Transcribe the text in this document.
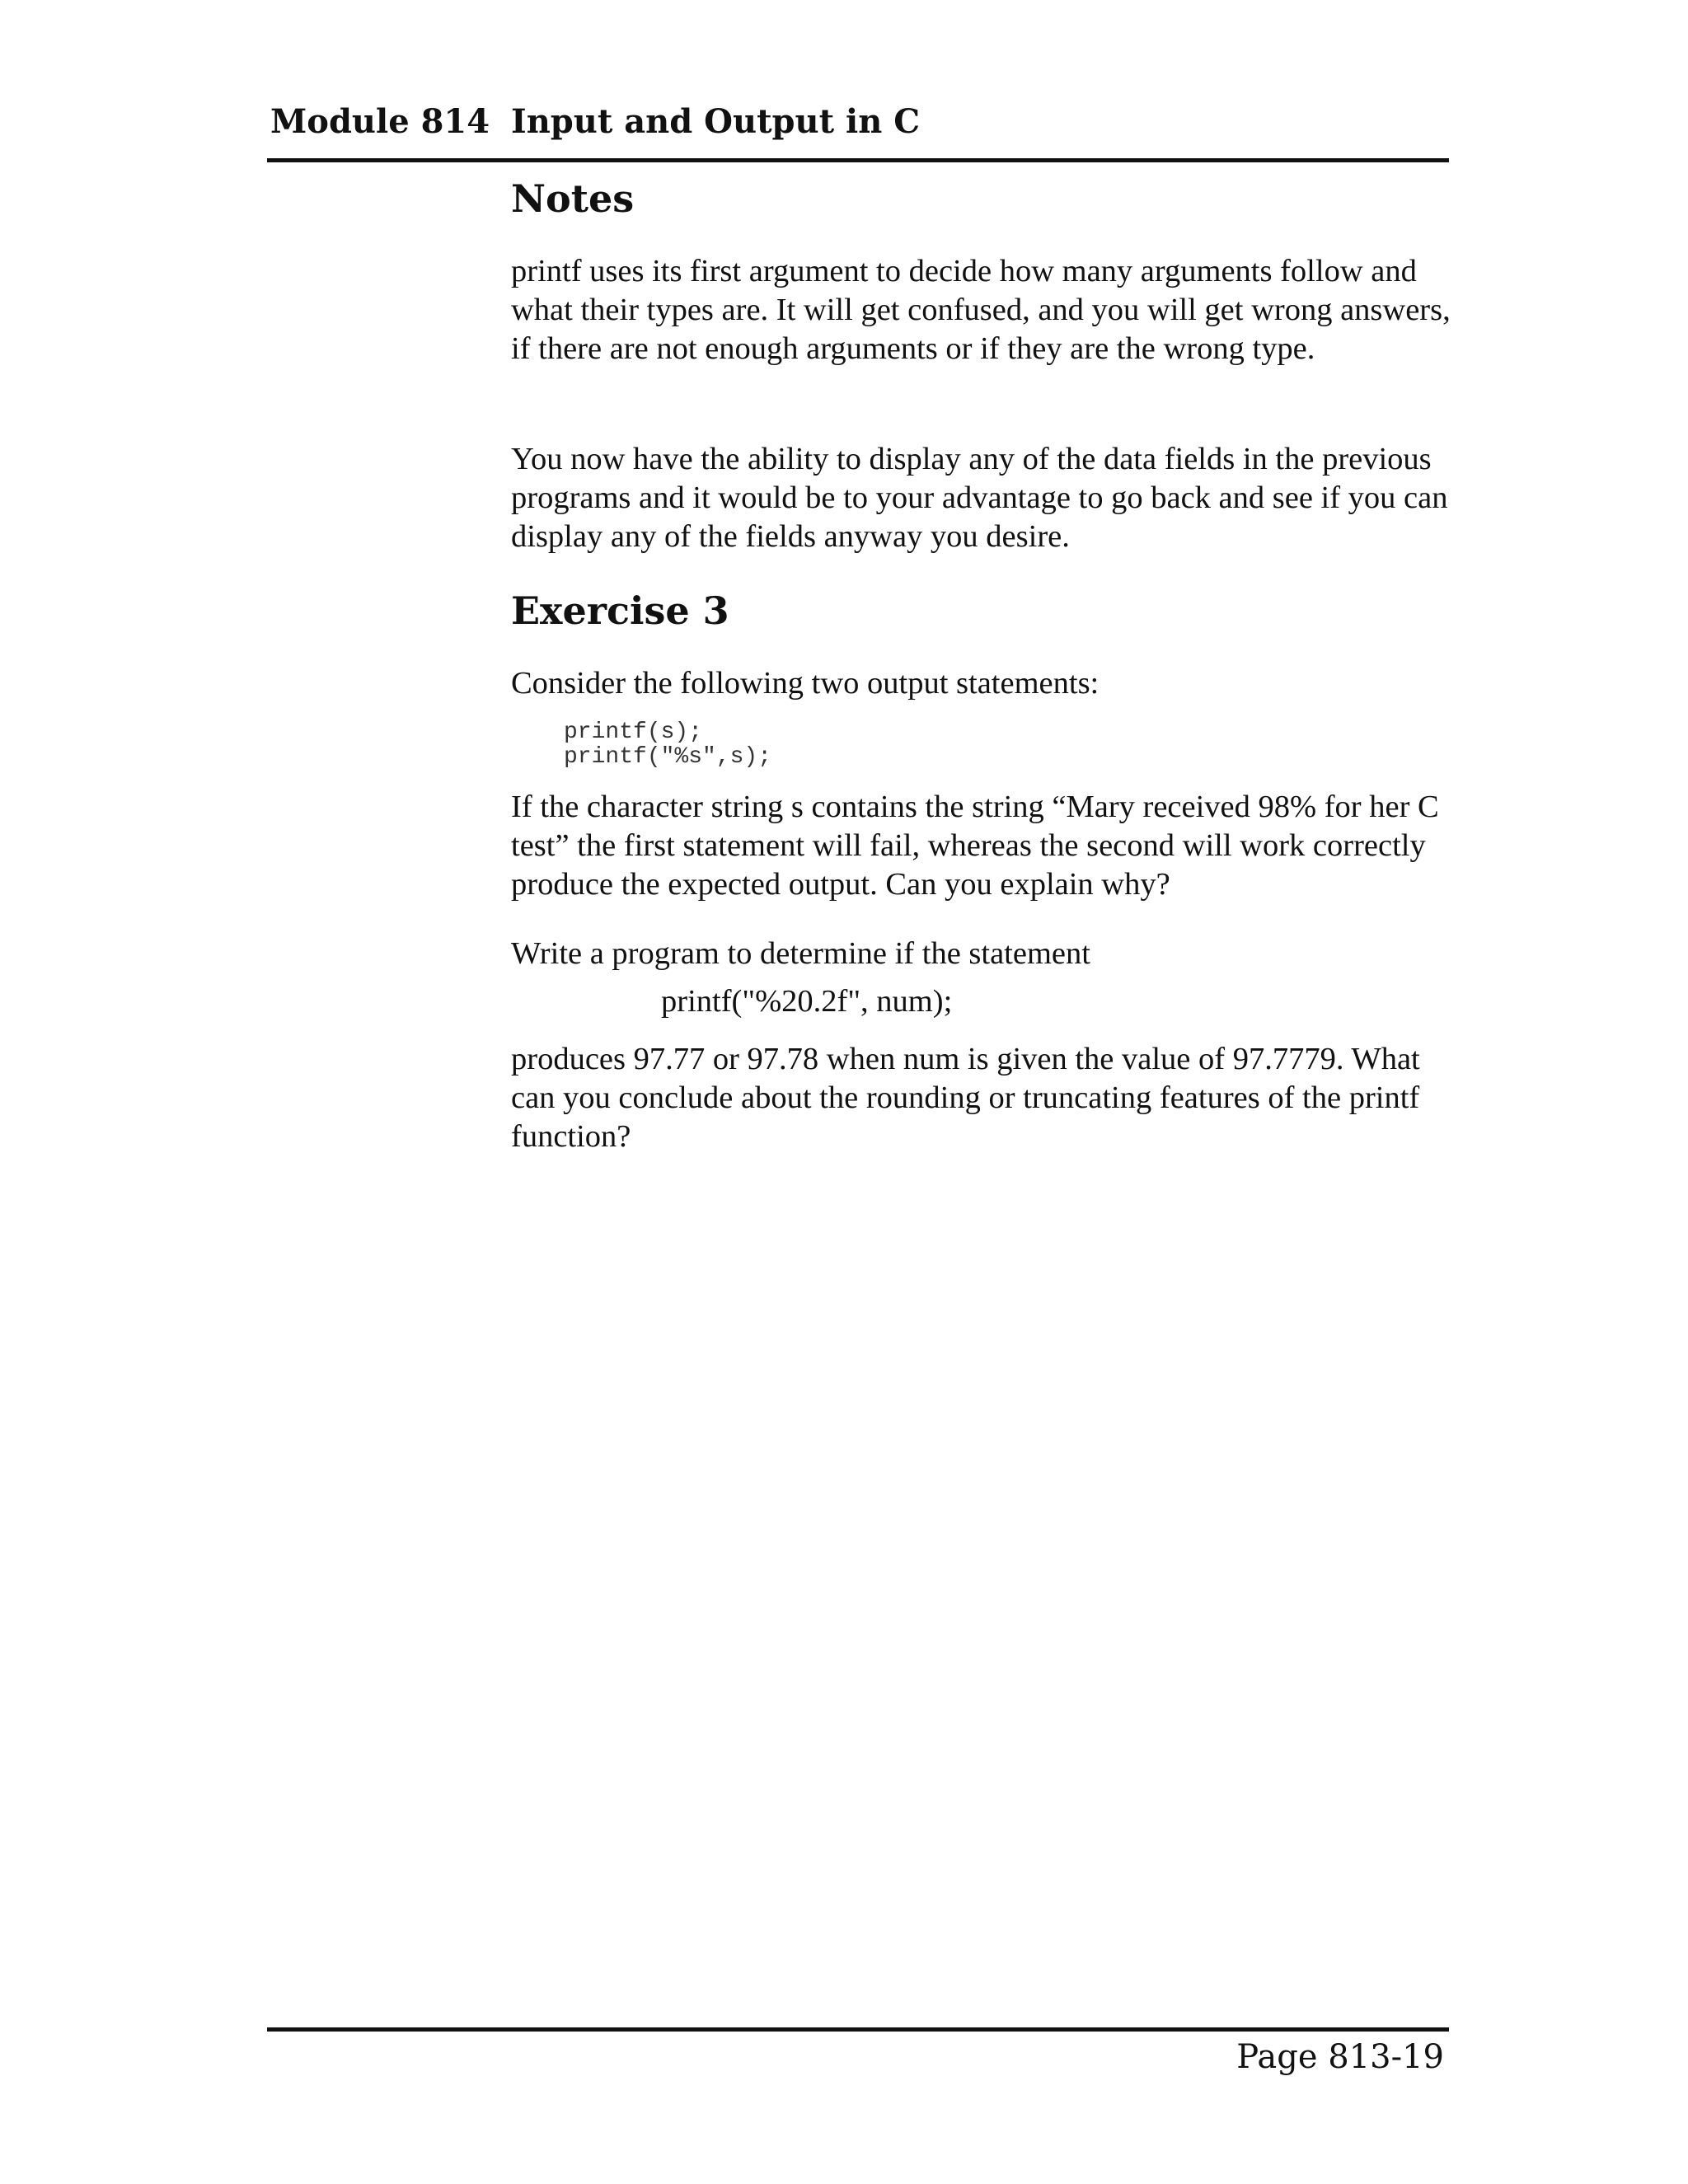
Module 814 Input and Output in C
Notes

printf uses its first argument to decide how many arguments follow and what their types are. It will get confused, and you will get wrong answers, if there are not enough arguments or if they are the wrong type.

You now have the ability to display any of the data fields in the previous programs and it would be to your advantage to go back and see if you can display any of the fields anyway you desire.

Exercise 3

Consider the following two output statements:

printf(s);
printf("%s",s);

If the character string s contains the string “Mary received 98% for her C test” the first statement will fail, whereas the second will work correctly produce the expected output. Can you explain why?

Write a program to determine if the statement

printf("%20.2f", num);

produces 97.77 or 97.78 when num is given the value of 97.7779. What can you conclude about the rounding or truncating features of the printf function?

Page 813-19
